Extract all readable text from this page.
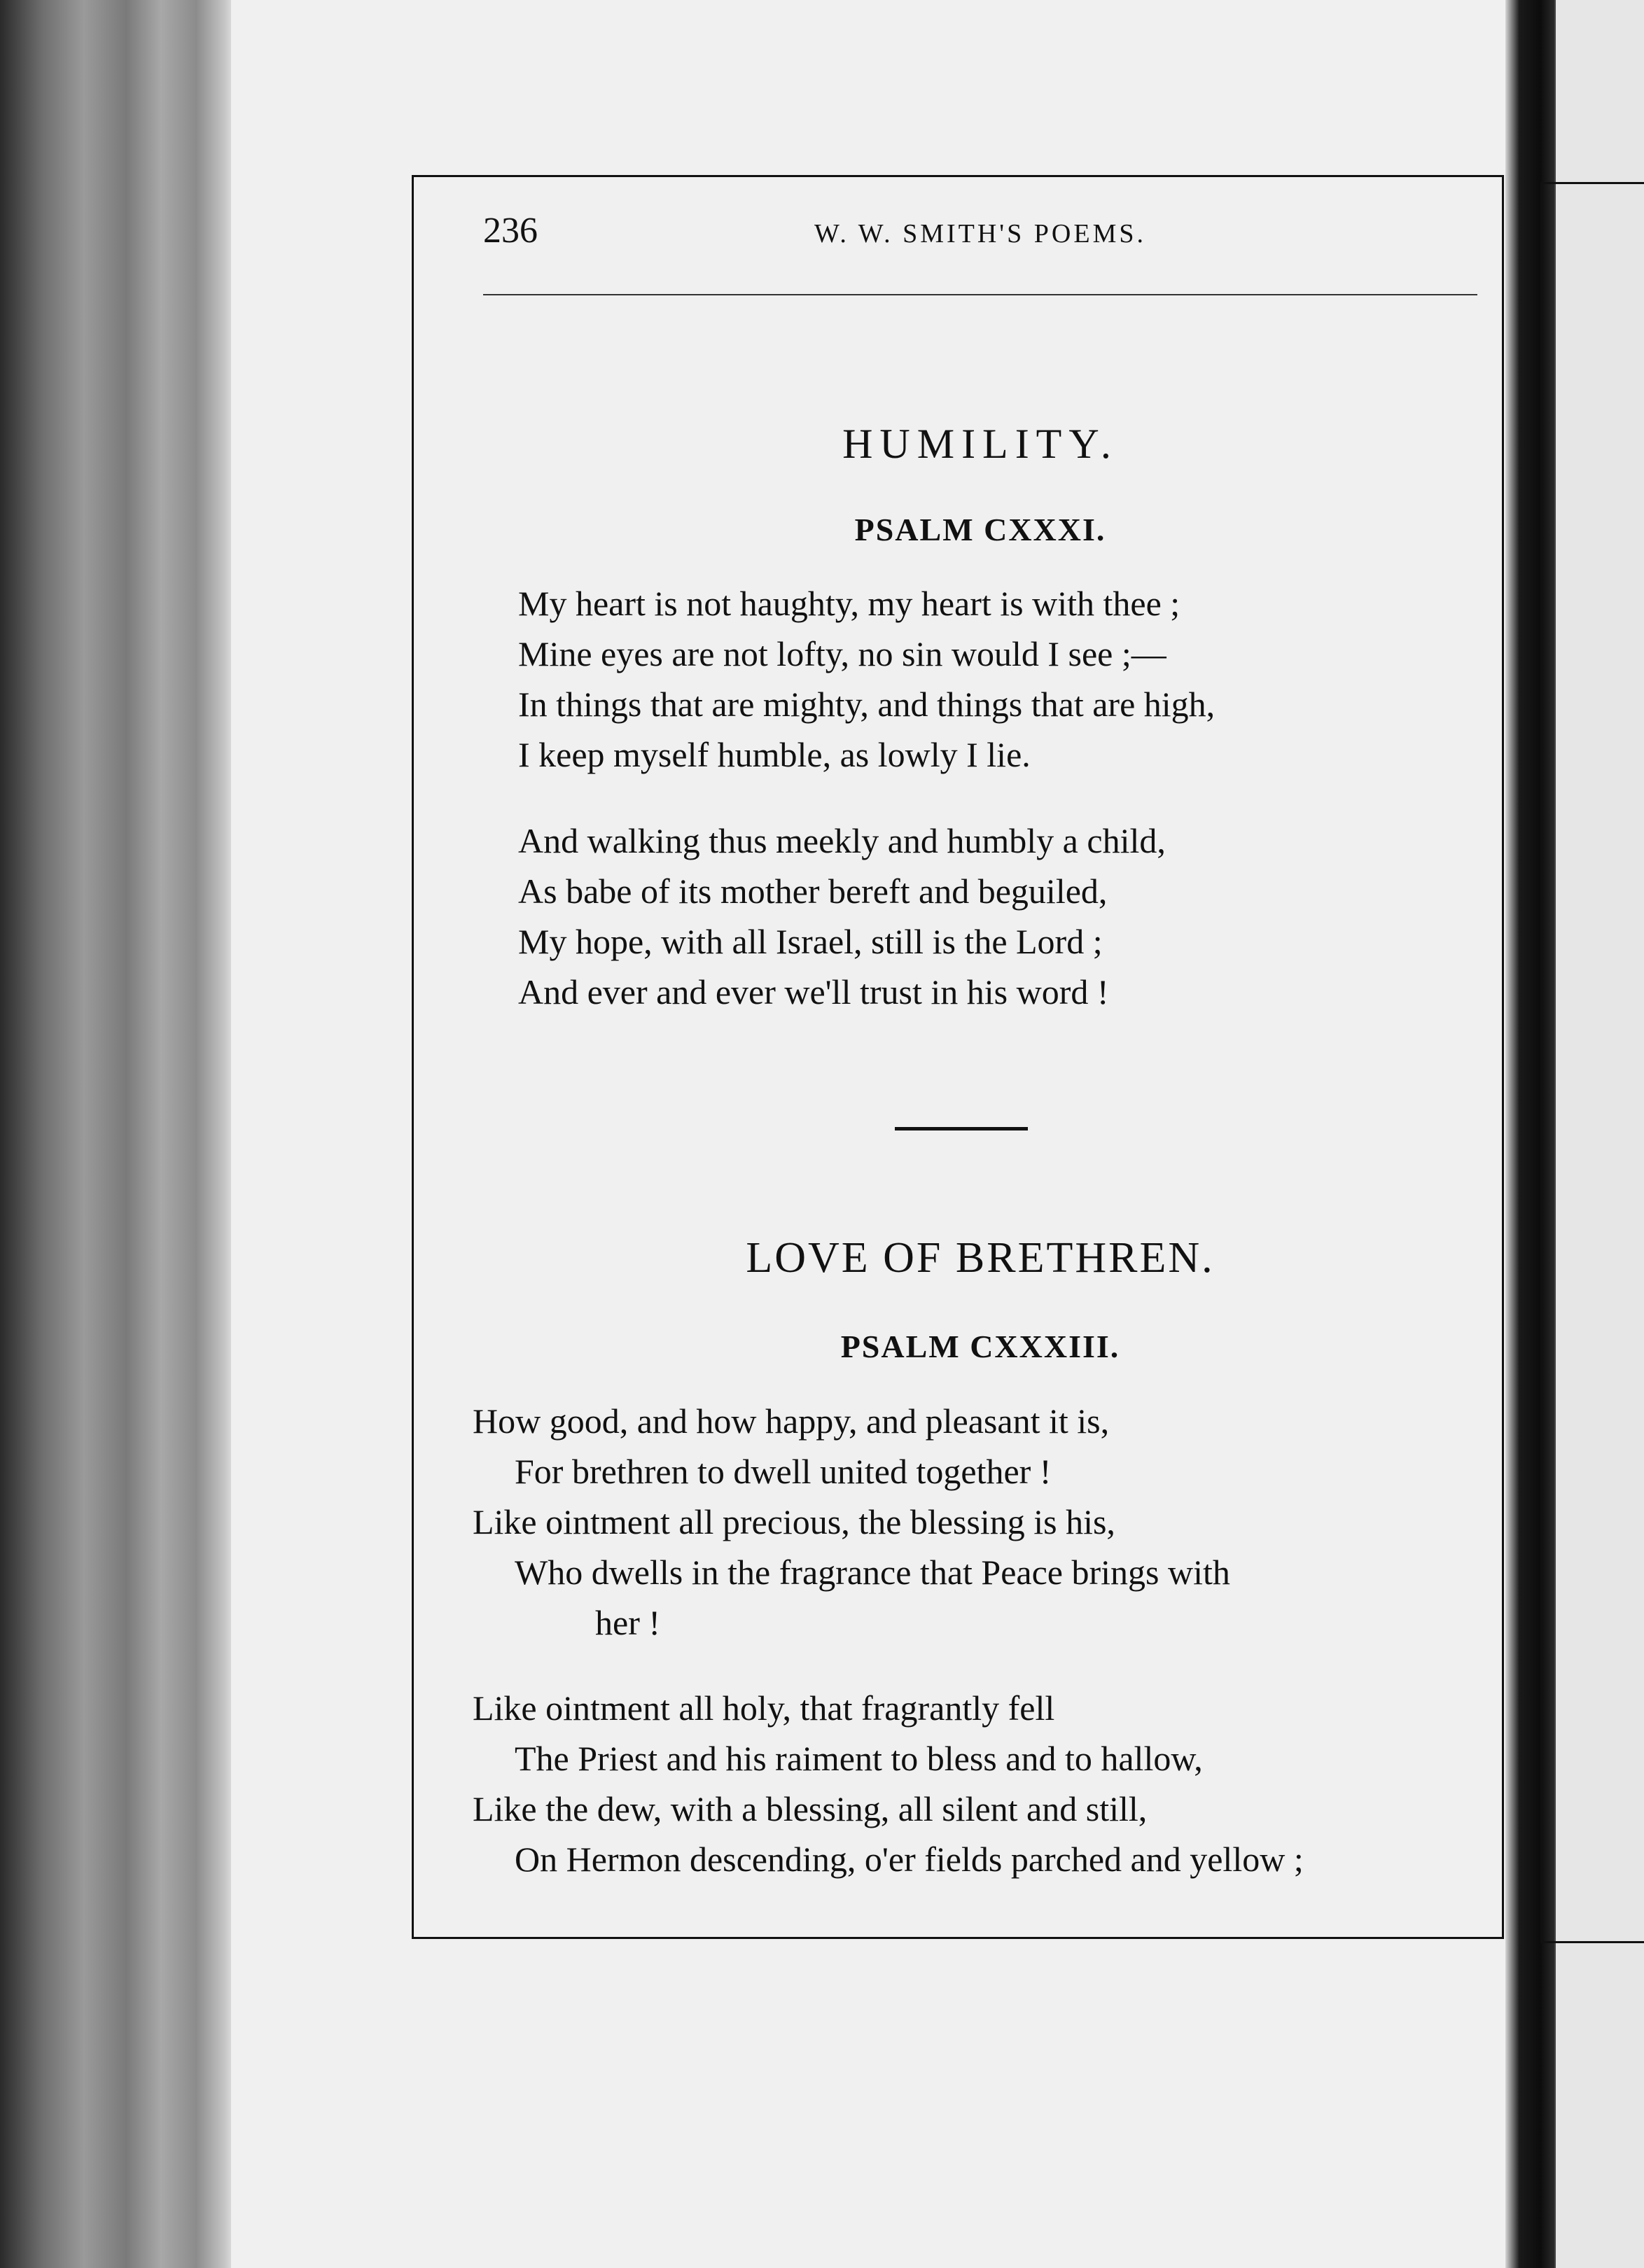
236	W. W. SMITH'S POEMS.
HUMILITY.
PSALM CXXXI.
My heart is not haughty, my heart is with thee ;
Mine eyes are not lofty, no sin would I see ;—
In things that are mighty, and things that are high,
I keep myself humble, as lowly I lie.
And walking thus meekly and humbly a child,
As babe of its mother bereft and beguiled,
My hope, with all Israel, still is the Lord ;
And ever and ever we'll trust in his word !
LOVE OF BRETHREN.
PSALM CXXXIII.
How good, and how happy, and pleasant it is,
For brethren to dwell united together !
Like ointment all precious, the blessing is his,
Who dwells in the fragrance that Peace brings with
her !
Like ointment all holy, that fragrantly fell
The Priest and his raiment to bless and to hallow,
Like the dew, with a blessing, all silent and still,
On Hermon descending, o'er fields parched and yellow ;
